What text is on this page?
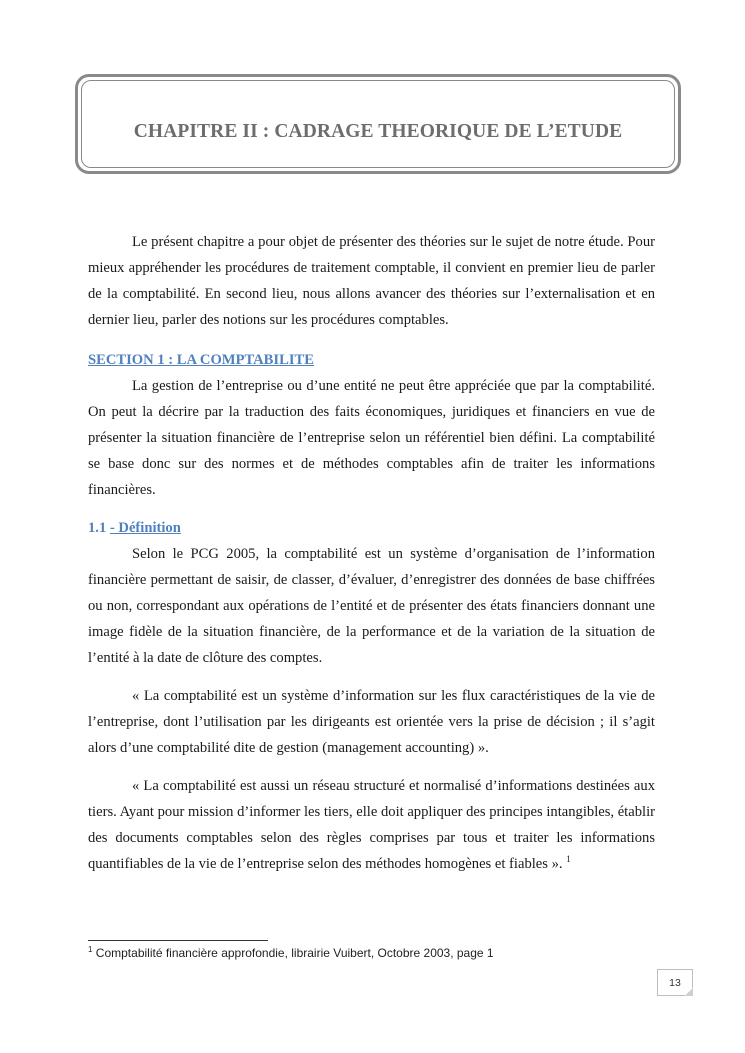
CHAPITRE II : CADRAGE THEORIQUE DE L’ETUDE

Le présent chapitre a pour objet de présenter des théories sur le sujet de notre étude. Pour mieux appréhender les procédures de traitement comptable, il convient en premier lieu de parler de la comptabilité. En second lieu, nous allons avancer des théories sur l’externalisation et en dernier lieu, parler des notions sur les procédures comptables.

SECTION 1 : LA COMPTABILITE

La gestion de l’entreprise ou d’une entité ne peut être appréciée que par la comptabilité. On peut la décrire par la traduction des faits économiques, juridiques et financiers en vue de présenter la situation financière de l’entreprise selon un référentiel bien défini. La comptabilité se base donc sur des normes et de méthodes comptables afin de traiter les informations financières.

1.1 - Définition

Selon le PCG 2005, la comptabilité est un système d’organisation de l’information financière permettant de saisir, de classer, d’évaluer, d’enregistrer des données de base chiffrées ou non, correspondant aux opérations de l’entité et de présenter des états financiers donnant une image fidèle de la situation financière, de la performance et de la variation de la situation de l’entité à la date de clôture des comptes.

« La comptabilité est un système d’information sur les flux caractéristiques de la vie de l’entreprise, dont l’utilisation par les dirigeants est orientée vers la prise de décision ; il s’agit alors d’une comptabilité dite de gestion (management accounting) ».

« La comptabilité est aussi un réseau structuré et normalisé d’informations destinées aux tiers. Ayant pour mission d’informer les tiers, elle doit appliquer des principes intangibles, établir des documents comptables selon des règles comprises par tous et traiter les informations quantifiables de la vie de l’entreprise selon des méthodes homogènes et fiables ». $^1$

$^1$ Comptabilité financière approfondie, librairie Vuibert, Octobre 2003, page 1
13
